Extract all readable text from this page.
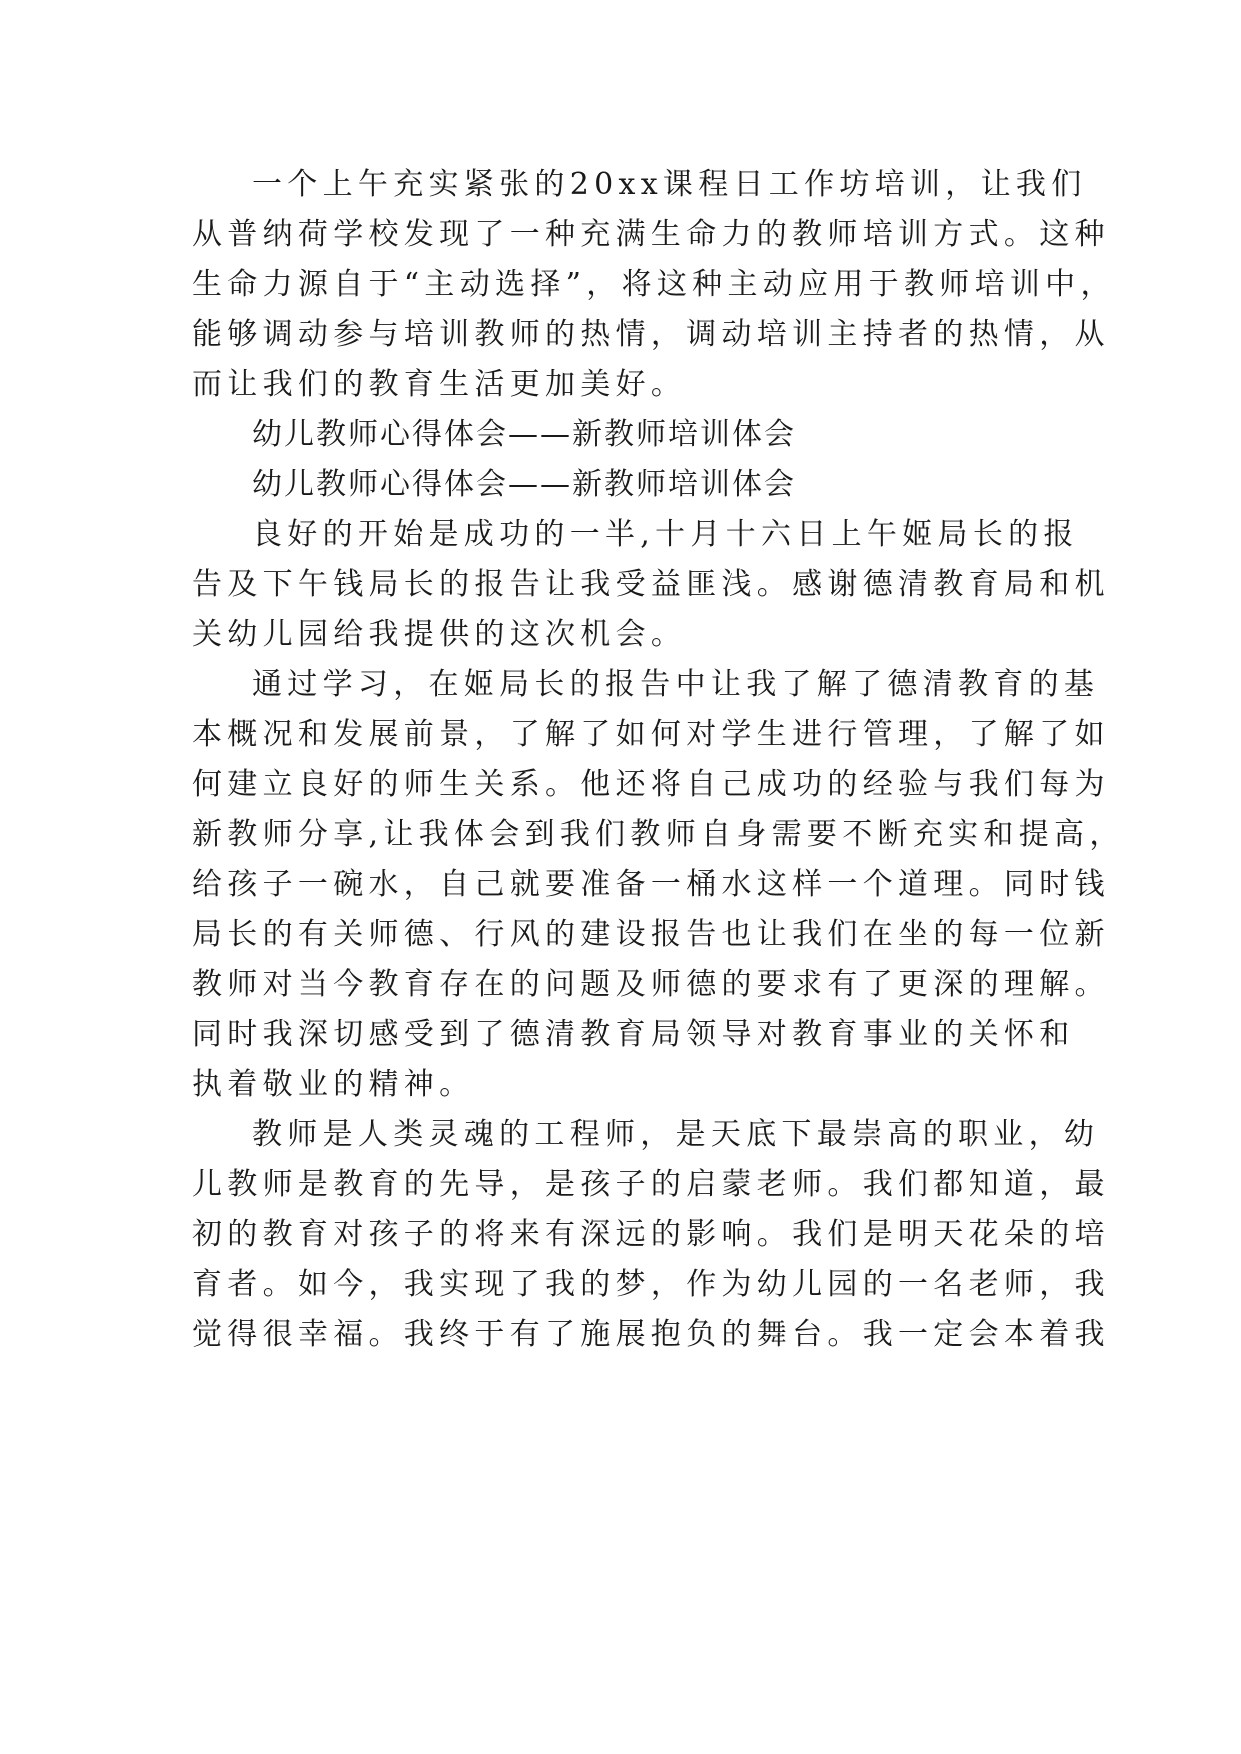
一个上午充实紧张的20xx课程日工作坊培训，让我们
从普纳荷学校发现了一种充满生命力的教师培训方式。这种
生命力源自于“主动选择”，将这种主动应用于教师培训中，
能够调动参与培训教师的热情，调动培训主持者的热情，从
而让我们的教育生活更加美好。
幼儿教师心得体会——新教师培训体会
幼儿教师心得体会——新教师培训体会
良好的开始是成功的一半,十月十六日上午姬局长的报
告及下午钱局长的报告让我受益匪浅。感谢德清教育局和机
关幼儿园给我提供的这次机会。
通过学习，在姬局长的报告中让我了解了德清教育的基
本概况和发展前景，了解了如何对学生进行管理，了解了如
何建立良好的师生关系。他还将自己成功的经验与我们每为
新教师分享,让我体会到我们教师自身需要不断充实和提高，
给孩子一碗水，自己就要准备一桶水这样一个道理。同时钱
局长的有关师德、行风的建设报告也让我们在坐的每一位新
教师对当今教育存在的问题及师德的要求有了更深的理解。
同时我深切感受到了德清教育局领导对教育事业的关怀和
执着敬业的精神。
教师是人类灵魂的工程师，是天底下最崇高的职业，幼
儿教师是教育的先导，是孩子的启蒙老师。我们都知道，最
初的教育对孩子的将来有深远的影响。我们是明天花朵的培
育者。如今，我实现了我的梦，作为幼儿园的一名老师，我
觉得很幸福。我终于有了施展抱负的舞台。我一定会本着我
